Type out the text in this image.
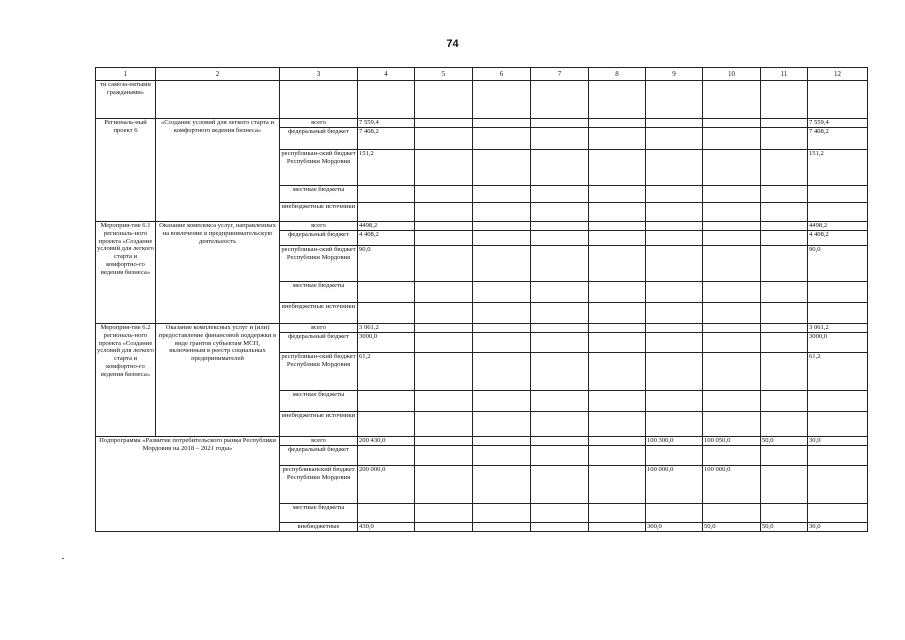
74
1	2	3	4	5	6	7	8	9	10	11	12
ти самоза-нятыми гражданами»											
Региональ-ный проект 6	«Создание условий для легкого старта и комфортного ведения бизнеса»	всего	7 559,4								7 559,4
		федеральный бюджет	7 408,2								7 408,2
		республикан-ский бюджет Республики Мордовия	151,2								151,2
		местные бюджеты									
		внебюджетные источники									
Мероприя-тие 6.1 региональ-ного проекта «Создание условий для легкого старта и комфортно-го ведения бизнеса»	Оказание комплекса услуг, направленных на вовлечение в предпринимательскую деятельность	всего	4498,2								4498,2
		федеральный бюджет	4 408,2								4 408,2
		республикан-ский бюджет Республики Мордовия	90,0								90,0
		местные бюджеты									
		внебюджетные источники									
Мероприя-тие 6.2 региональ-ного проекта «Создание условий для легкого старта и комфортно-го ведения бизнеса»	Оказание комплексных услуг и (или) предоставление финансовой поддержки в виде грантов субъектам МСП, включенным в реестр социальных предпринимателей	всего	3 061,2								3 061,2
		федеральный бюджет	3000,0								3000,0
		республикан-ский бюджет Республики Мордовия	61,2								61,2
		местные бюджеты									
		внебюджетные источники									
Подпрограмма «Развитие потребительского рынка Республики Мордовия на 2018 – 2021 годы»		всего	200 430,0					100 300,0	100 050,0	50,0	30,0
		федеральный бюджет									
		республиканский бюджет Республики Мордовия	200 000,0					100 000,0	100 000,0		
		местные бюджеты									
		внебюджетные	430,0					300,0	50,0	50,0	30,0
